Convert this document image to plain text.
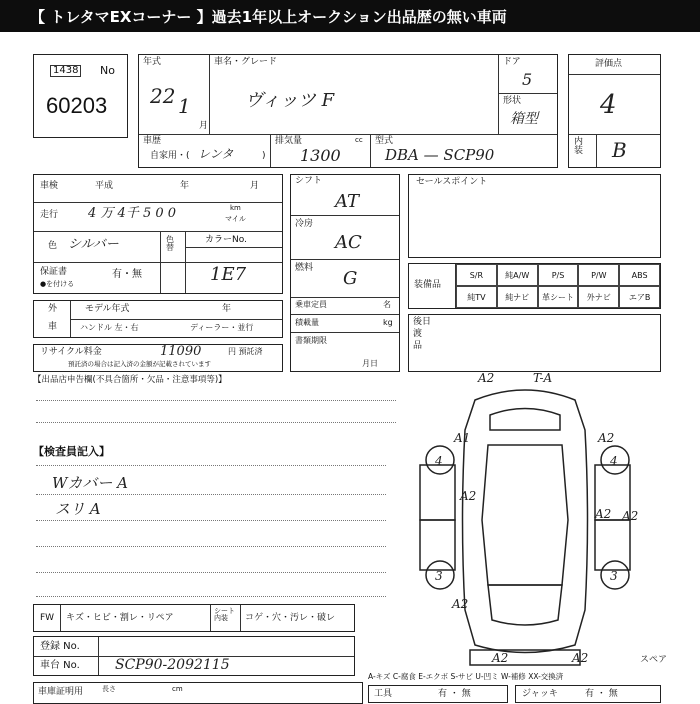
【 トレタマEXコーナー 】過去1年以上オークション出品歴の無い車両
1438 No
60203
年式
22 1
月
車名・グレード
ヴィッツ F
ドア
5
形状
箱型
車歴
自家用・( レンタ	)
排気量	cc
1300
型式
DBA — SCP90
評価点
4
内装 B
車検	平成	年	月
走行 4 万 4千 5 0 0	km
マイル
色 シルバー	色替
カラーNo.
1E7
保証書	有・無
●を付ける
外
車
モデル年式	年
ハンドル 左・右	ディーラー・並行
リサイクル料金	11090	円 預託済
預託済の場合は記入済の金額が記載されています
シフト
AT
冷房
AC
燃料 G
乗車定員	名
積載量	kg
書類期限
月日
セールスポイント
装備品
S/R	純A/W	P/S	P/W	ABS
純TV	純ナビ	革シート	外ナビ	エアB
後日
渡
品
【出品店申告欄(不具合箇所・欠品・注意事項等)】
【検査員記入】
Wカバー A
スリ A
A2	T-A
A1	A2
A2
A2
A2
A2	A2
A2
4	4
3	3
スペア
FW キズ・ヒビ・割レ・リペア
シート内装	コゲ・穴・汚レ・破レ
登録 No.
車台 No.	SCP90-2092115
車庫証明用	長さ	cm
A-キズ C-腐食 E-エクボ S-サビ U-凹ミ W-補修 XX-交換済
工具	有 ・ 無	ジャッキ	有 ・ 無
